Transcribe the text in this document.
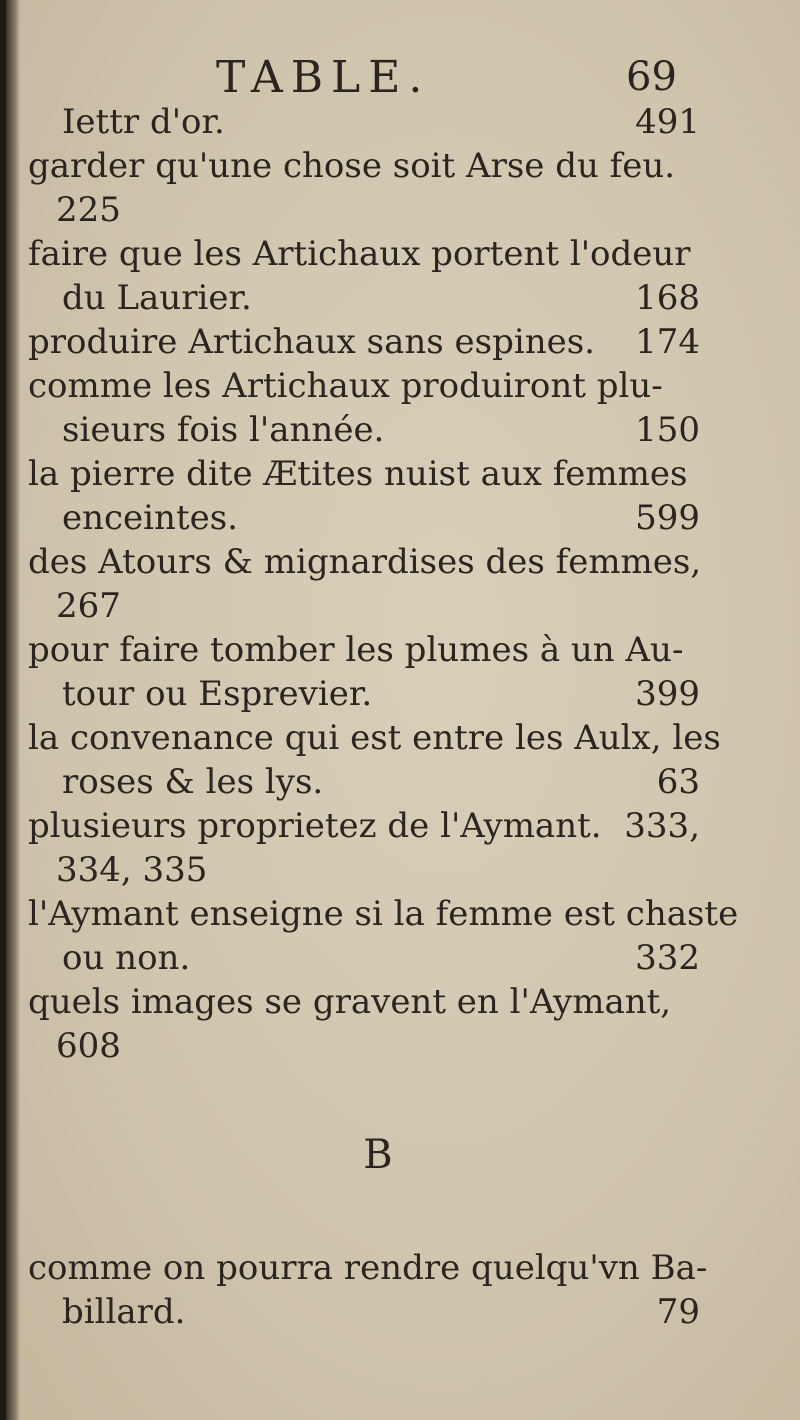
TABLE.	69
Iettr d'or.	491
garder qu'une chose soit Arse du feu.
225
faire que les Artichaux portent l'odeur
du Laurier.	168
produire Artichaux sans espines. 174
comme les Artichaux produiront plu-
sieurs fois l'année.	150
la pierre dite Ætites nuist aux femmes
enceintes.	599
des Atours & mignardises des femmes,
267
pour faire tomber les plumes à un Au-
tour ou Esprevier.	399
la convenance qui est entre les Aulx, les
roses & les lys.	63
plusieurs proprietez de l'Aymant. 333,
334, 335
l'Aymant enseigne si la femme est chaste
ou non.	332
quels images se gravent en l'Aymant,
608
B
comme on pourra rendre quelqu'vn Ba-
billard.	79
